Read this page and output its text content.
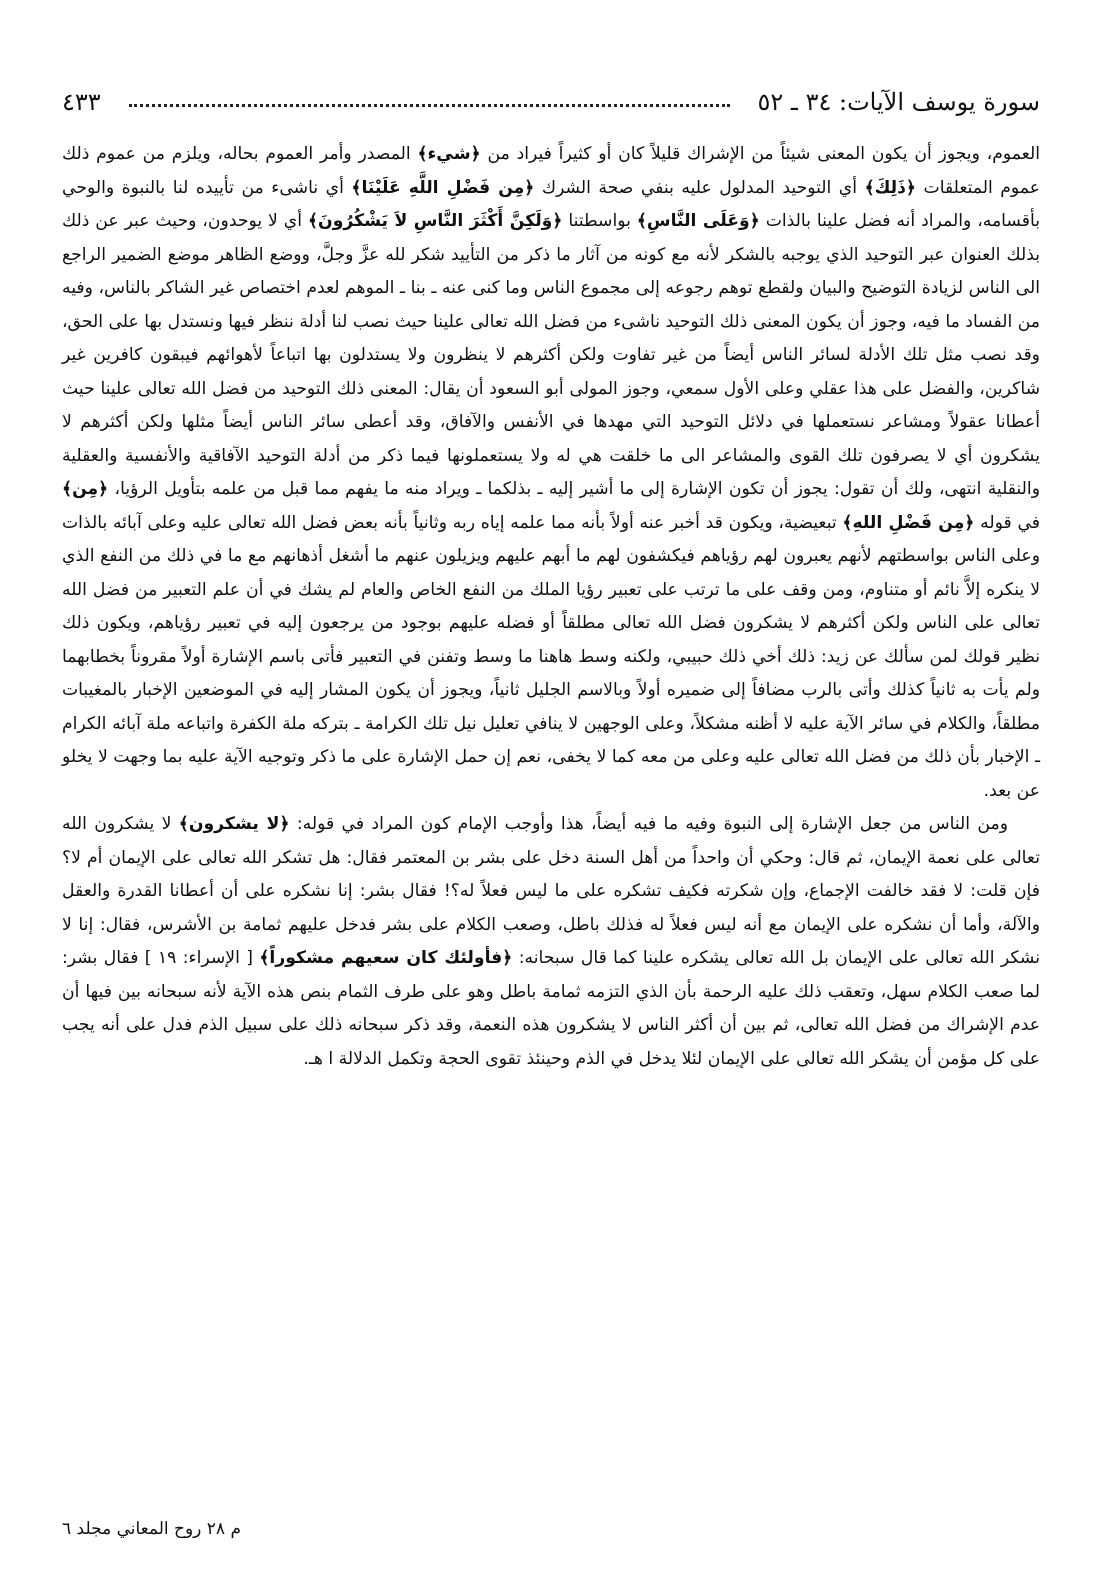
سورة يوسف الآيات: ٣٤ ـ ٥٢
٤٣٣

العموم، ويجوز أن يكون المعنى شيئاً من الإشراك قليلاً كان أو كثيراً فيراد من ﴿شيء﴾ المصدر وأمر العموم بحاله، ويلزم من عموم ذلك عموم المتعلقات ﴿ذَلِكَ﴾ أي التوحيد المدلول عليه بنفي صحة الشرك ﴿مِن فَضْلِ اللَّهِ عَلَيْنَا﴾ أي ناشىء من تأييده لنا بالنبوة والوحي بأقسامه، والمراد أنه فضل علينا بالذات ﴿وَعَلَى النَّاسِ﴾ بواسطتنا ﴿وَلَكِنَّ أَكْثَرَ النَّاسِ لاَ يَشْكُرُونَ﴾ أي لا يوحدون، وحيث عبر عن ذلك بذلك العنوان عبر التوحيد الذي يوجبه بالشكر لأنه مع كونه من آثار ما ذكر من التأييد شكر لله عزَّ وجلَّ، ووضع الظاهر موضع الضمير الراجع الى الناس لزيادة التوضيح والبيان ولقطع توهم رجوعه إلى مجموع الناس وما كنى عنه ـ بنا ـ الموهم لعدم اختصاص غير الشاكر بالناس، وفيه من الفساد ما فيه، وجوز أن يكون المعنى ذلك التوحيد ناشىء من فضل الله تعالى علينا حيث نصب لنا أدلة ننظر فيها ونستدل بها على الحق، وقد نصب مثل تلك الأدلة لسائر الناس أيضاً من غير تفاوت ولكن أكثرهم لا ينظرون ولا يستدلون بها اتباعاً لأهوائهم فيبقون كافرين غير شاكرين، والفضل على هذا عقلي وعلى الأول سمعي، وجوز المولى أبو السعود أن يقال: المعنى ذلك التوحيد من فضل الله تعالى علينا حيث أعطانا عقولاً ومشاعر نستعملها في دلائل التوحيد التي مهدها في الأنفس والآفاق، وقد أعطى سائر الناس أيضاً مثلها ولكن أكثرهم لا يشكرون أي لا يصرفون تلك القوى والمشاعر الى ما خلقت هي له ولا يستعملونها فيما ذكر من أدلة التوحيد الآفاقية والأنفسية والعقلية والنقلية انتهى، ولك أن تقول: يجوز أن تكون الإشارة إلى ما أشير إليه ـ بذلكما ـ ويراد منه ما يفهم مما قبل من علمه بتأويل الرؤيا، ﴿مِن﴾ في قوله ﴿مِن فَضْلِ اللهِ﴾ تبعيضية، ويكون قد أخبر عنه أولاً بأنه مما علمه إياه ربه وثانياً بأنه بعض فضل الله تعالى عليه وعلى آبائه بالذات وعلى الناس بواسطتهم لأنهم يعبرون لهم رؤياهم فيكشفون لهم ما أبهم عليهم ويزيلون عنهم ما أشغل أذهانهم مع ما في ذلك من النفع الذي لا ينكره إلاَّ نائم أو متناوم، ومن وقف على ما ترتب على تعبير رؤيا الملك من النفع الخاص والعام لم يشك في أن علم التعبير من فضل الله تعالى على الناس ولكن أكثرهم لا يشكرون فضل الله تعالى مطلقاً أو فضله عليهم بوجود من يرجعون إليه في تعبير رؤياهم، ويكون ذلك نظير قولك لمن سألك عن زيد: ذلك أخي ذلك حبيبي، ولكنه وسط هاهنا ما وسط وتفنن في التعبير فأتى باسم الإشارة أولاً مقروناً بخطابهما ولم يأت به ثانياً كذلك وأتى بالرب مضافاً إلى ضميره أولاً وبالاسم الجليل ثانياً، ويجوز أن يكون المشار إليه في الموضعين الإخبار بالمغيبات مطلقاً، والكلام في سائر الآية عليه لا أظنه مشكلاً، وعلى الوجهين لا ينافي تعليل نيل تلك الكرامة ـ بتركه ملة الكفرة واتباعه ملة آبائه الكرام ـ الإخبار بأن ذلك من فضل الله تعالى عليه وعلى من معه كما لا يخفى، نعم إن حمل الإشارة على ما ذكر وتوجيه الآية عليه بما وجهت لا يخلو عن بعد.

ومن الناس من جعل الإشارة إلى النبوة وفيه ما فيه أيضاً، هذا وأوجب الإمام كون المراد في قوله: ﴿لا يشكرون﴾ لا يشكرون الله تعالى على نعمة الإيمان، ثم قال: وحكي أن واحداً من أهل السنة دخل على بشر بن المعتمر فقال: هل تشكر الله تعالى على الإيمان أم لا؟ فإن قلت: لا فقد خالفت الإجماع، وإن شكرته فكيف تشكره على ما ليس فعلاً له؟! فقال بشر: إنا نشكره على أن أعطانا القدرة والعقل والآلة، وأما أن نشكره على الإيمان مع أنه ليس فعلاً له فذلك باطل، وصعب الكلام على بشر فدخل عليهم ثمامة بن الأشرس، فقال: إنا لا نشكر الله تعالى على الإيمان بل الله تعالى يشكره علينا كما قال سبحانه: ﴿فأولئك كان سعيهم مشكوراً﴾ [ الإسراء: ١٩ ] فقال بشر: لما صعب الكلام سهل، وتعقب ذلك عليه الرحمة بأن الذي التزمه ثمامة باطل وهو على طرف الثمام بنص هذه الآية لأنه سبحانه بين فيها أن عدم الإشراك من فضل الله تعالى، ثم بين أن أكثر الناس لا يشكرون هذه النعمة، وقد ذكر سبحانه ذلك على سبيل الذم فدل على أنه يجب على كل مؤمن أن يشكر الله تعالى على الإيمان لئلا يدخل في الذم وحينئذ تقوى الحجة وتكمل الدلالة ا هـ.

م ٢٨ روح المعاني مجلد ٦
